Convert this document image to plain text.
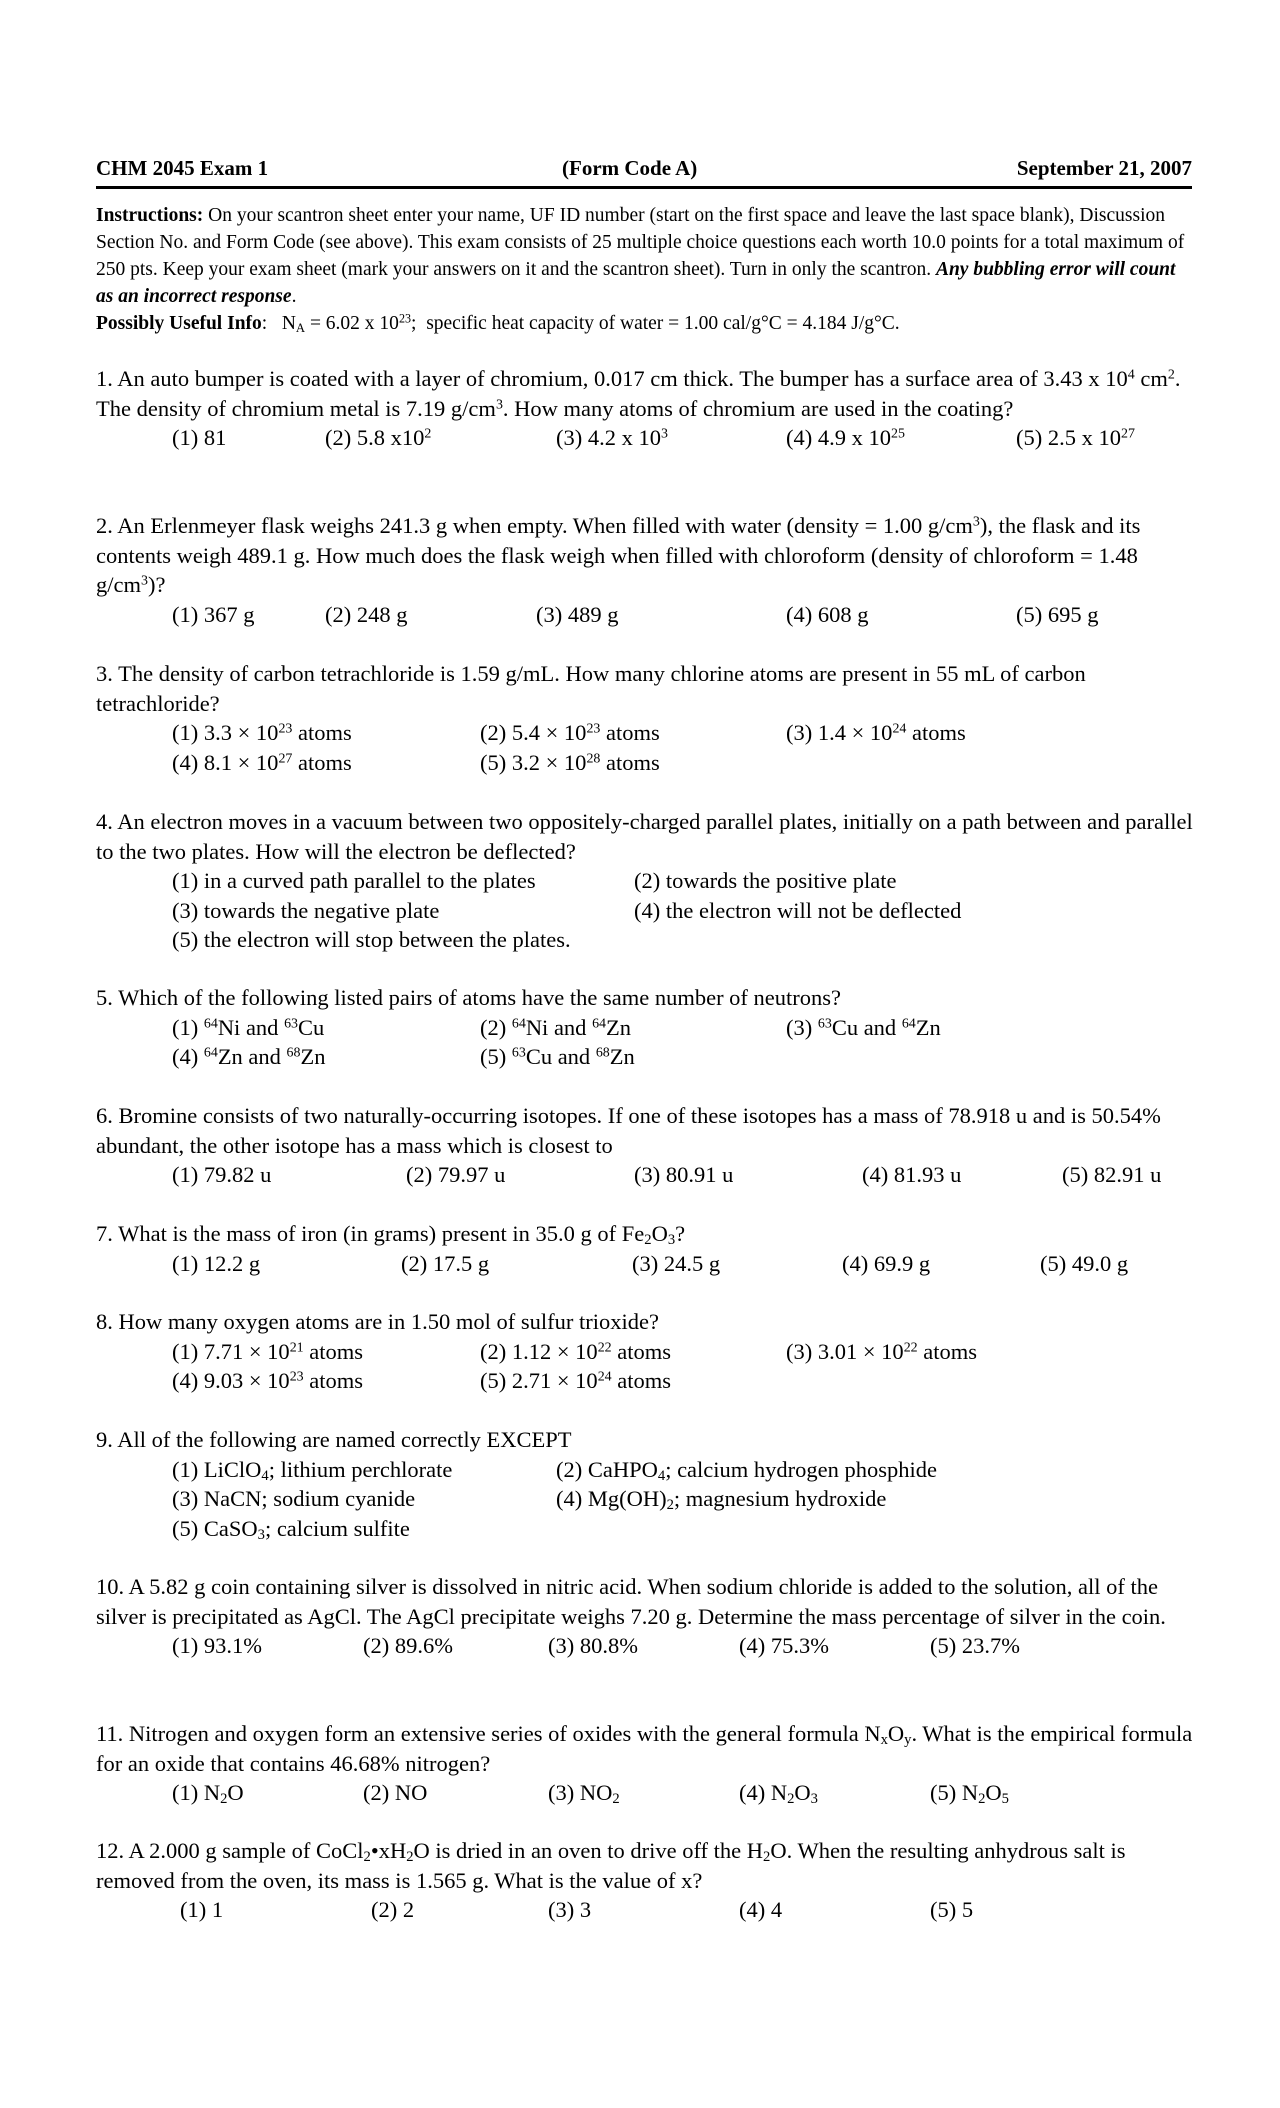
CHM 2045 Exam 1	(Form Code A)	September 21, 2007
Instructions: On your scantron sheet enter your name, UF ID number (start on the first space and leave the last space blank), Discussion Section No. and Form Code (see above). This exam consists of 25 multiple choice questions each worth 10.0 points for a total maximum of 250 pts. Keep your exam sheet (mark your answers on it and the scantron sheet). Turn in only the scantron. Any bubbling error will count as an incorrect response.
Possibly Useful Info:   $N_A = 6.02$ x $10^{23}$;  specific heat capacity of water = 1.00 cal/g°C = 4.184 J/g°C.
1. An auto bumper is coated with a layer of chromium, 0.017 cm thick. The bumper has a surface area of 3.43 x $10^4$ $cm^2$. The density of chromium metal is 7.19 $g/cm^3$. How many atoms of chromium are used in the coating?
(1) 81	(2) 5.8 $x10^2$	(3) 4.2 x $10^3$	(4) 4.9 x $10^{25}$	(5) 2.5 x $10^{27}$
2. An Erlenmeyer flask weighs 241.3 g when empty. When filled with water (density = 1.00 $g/cm^3$), the flask and its contents weigh 489.1 g. How much does the flask weigh when filled with chloroform (density of chloroform = 1.48 $g/cm^3$)?
(1) 367 g	(2) 248 g	(3) 489 g	(4) 608 g	(5) 695 g
3. The density of carbon tetrachloride is 1.59 g/mL. How many chlorine atoms are present in 55 mL of carbon tetrachloride?
(1) $3.3 \times 10^{23}$ atoms	(2) $5.4 \times 10^{23}$ atoms	(3) $1.4 \times 10^{24}$ atoms
(4) $8.1 \times 10^{27}$ atoms	(5) $3.2 \times 10^{28}$ atoms
4. An electron moves in a vacuum between two oppositely-charged parallel plates, initially on a path between and parallel to the two plates. How will the electron be deflected?
(1) in a curved path parallel to the plates	(2) towards the positive plate
(3) towards the negative plate	(4) the electron will not be deflected
(5) the electron will stop between the plates.
5. Which of the following listed pairs of atoms have the same number of neutrons?
(1) $^{64}$Ni and $^{63}$Cu	(2) $^{64}$Ni and $^{64}$Zn	(3) $^{63}$Cu and $^{64}$Zn
(4) $^{64}$Zn and $^{68}$Zn	(5) $^{63}$Cu and $^{68}$Zn
6. Bromine consists of two naturally-occurring isotopes. If one of these isotopes has a mass of 78.918 u and is 50.54% abundant, the other isotope has a mass which is closest to
(1) 79.82 u	(2) 79.97 u	(3) 80.91 u	(4) 81.93 u	(5) 82.91 u
7. What is the mass of iron (in grams) present in 35.0 g of $Fe_2O_3$?
(1) 12.2 g	(2) 17.5 g	(3) 24.5 g	(4) 69.9 g	(5) 49.0 g
8. How many oxygen atoms are in 1.50 mol of sulfur trioxide?
(1) $7.71 \times 10^{21}$ atoms	(2) $1.12 \times 10^{22}$ atoms	(3) $3.01 \times 10^{22}$ atoms
(4) $9.03 \times 10^{23}$ atoms	(5) $2.71 \times 10^{24}$ atoms
9. All of the following are named correctly EXCEPT
(1) LiClO$_4$; lithium perchlorate	(2) CaHPO$_4$; calcium hydrogen phosphide
(3) NaCN; sodium cyanide	(4) $Mg(OH)_2$; magnesium hydroxide
(5) CaSO$_3$; calcium sulfite
10. A 5.82 g coin containing silver is dissolved in nitric acid. When sodium chloride is added to the solution, all of the silver is precipitated as AgCl. The AgCl precipitate weighs 7.20 g. Determine the mass percentage of silver in the coin.
(1) 93.1%	(2) 89.6%	(3) 80.8%	(4) 75.3%	(5) 23.7%
11. Nitrogen and oxygen form an extensive series of oxides with the general formula $N_xO_y$. What is the empirical formula for an oxide that contains 46.68% nitrogen?
(1) $N_2O$	(2) NO	(3) $NO_2$	(4) $N_2O_3$	(5) $N_2O_5$
12. A 2.000 g sample of $CoCl_2•xH_2O$ is dried in an oven to drive off the $H_2O$. When the resulting anhydrous salt is removed from the oven, its mass is 1.565 g. What is the value of x?
(1) 1	(2) 2	(3) 3	(4) 4	(5) 5
